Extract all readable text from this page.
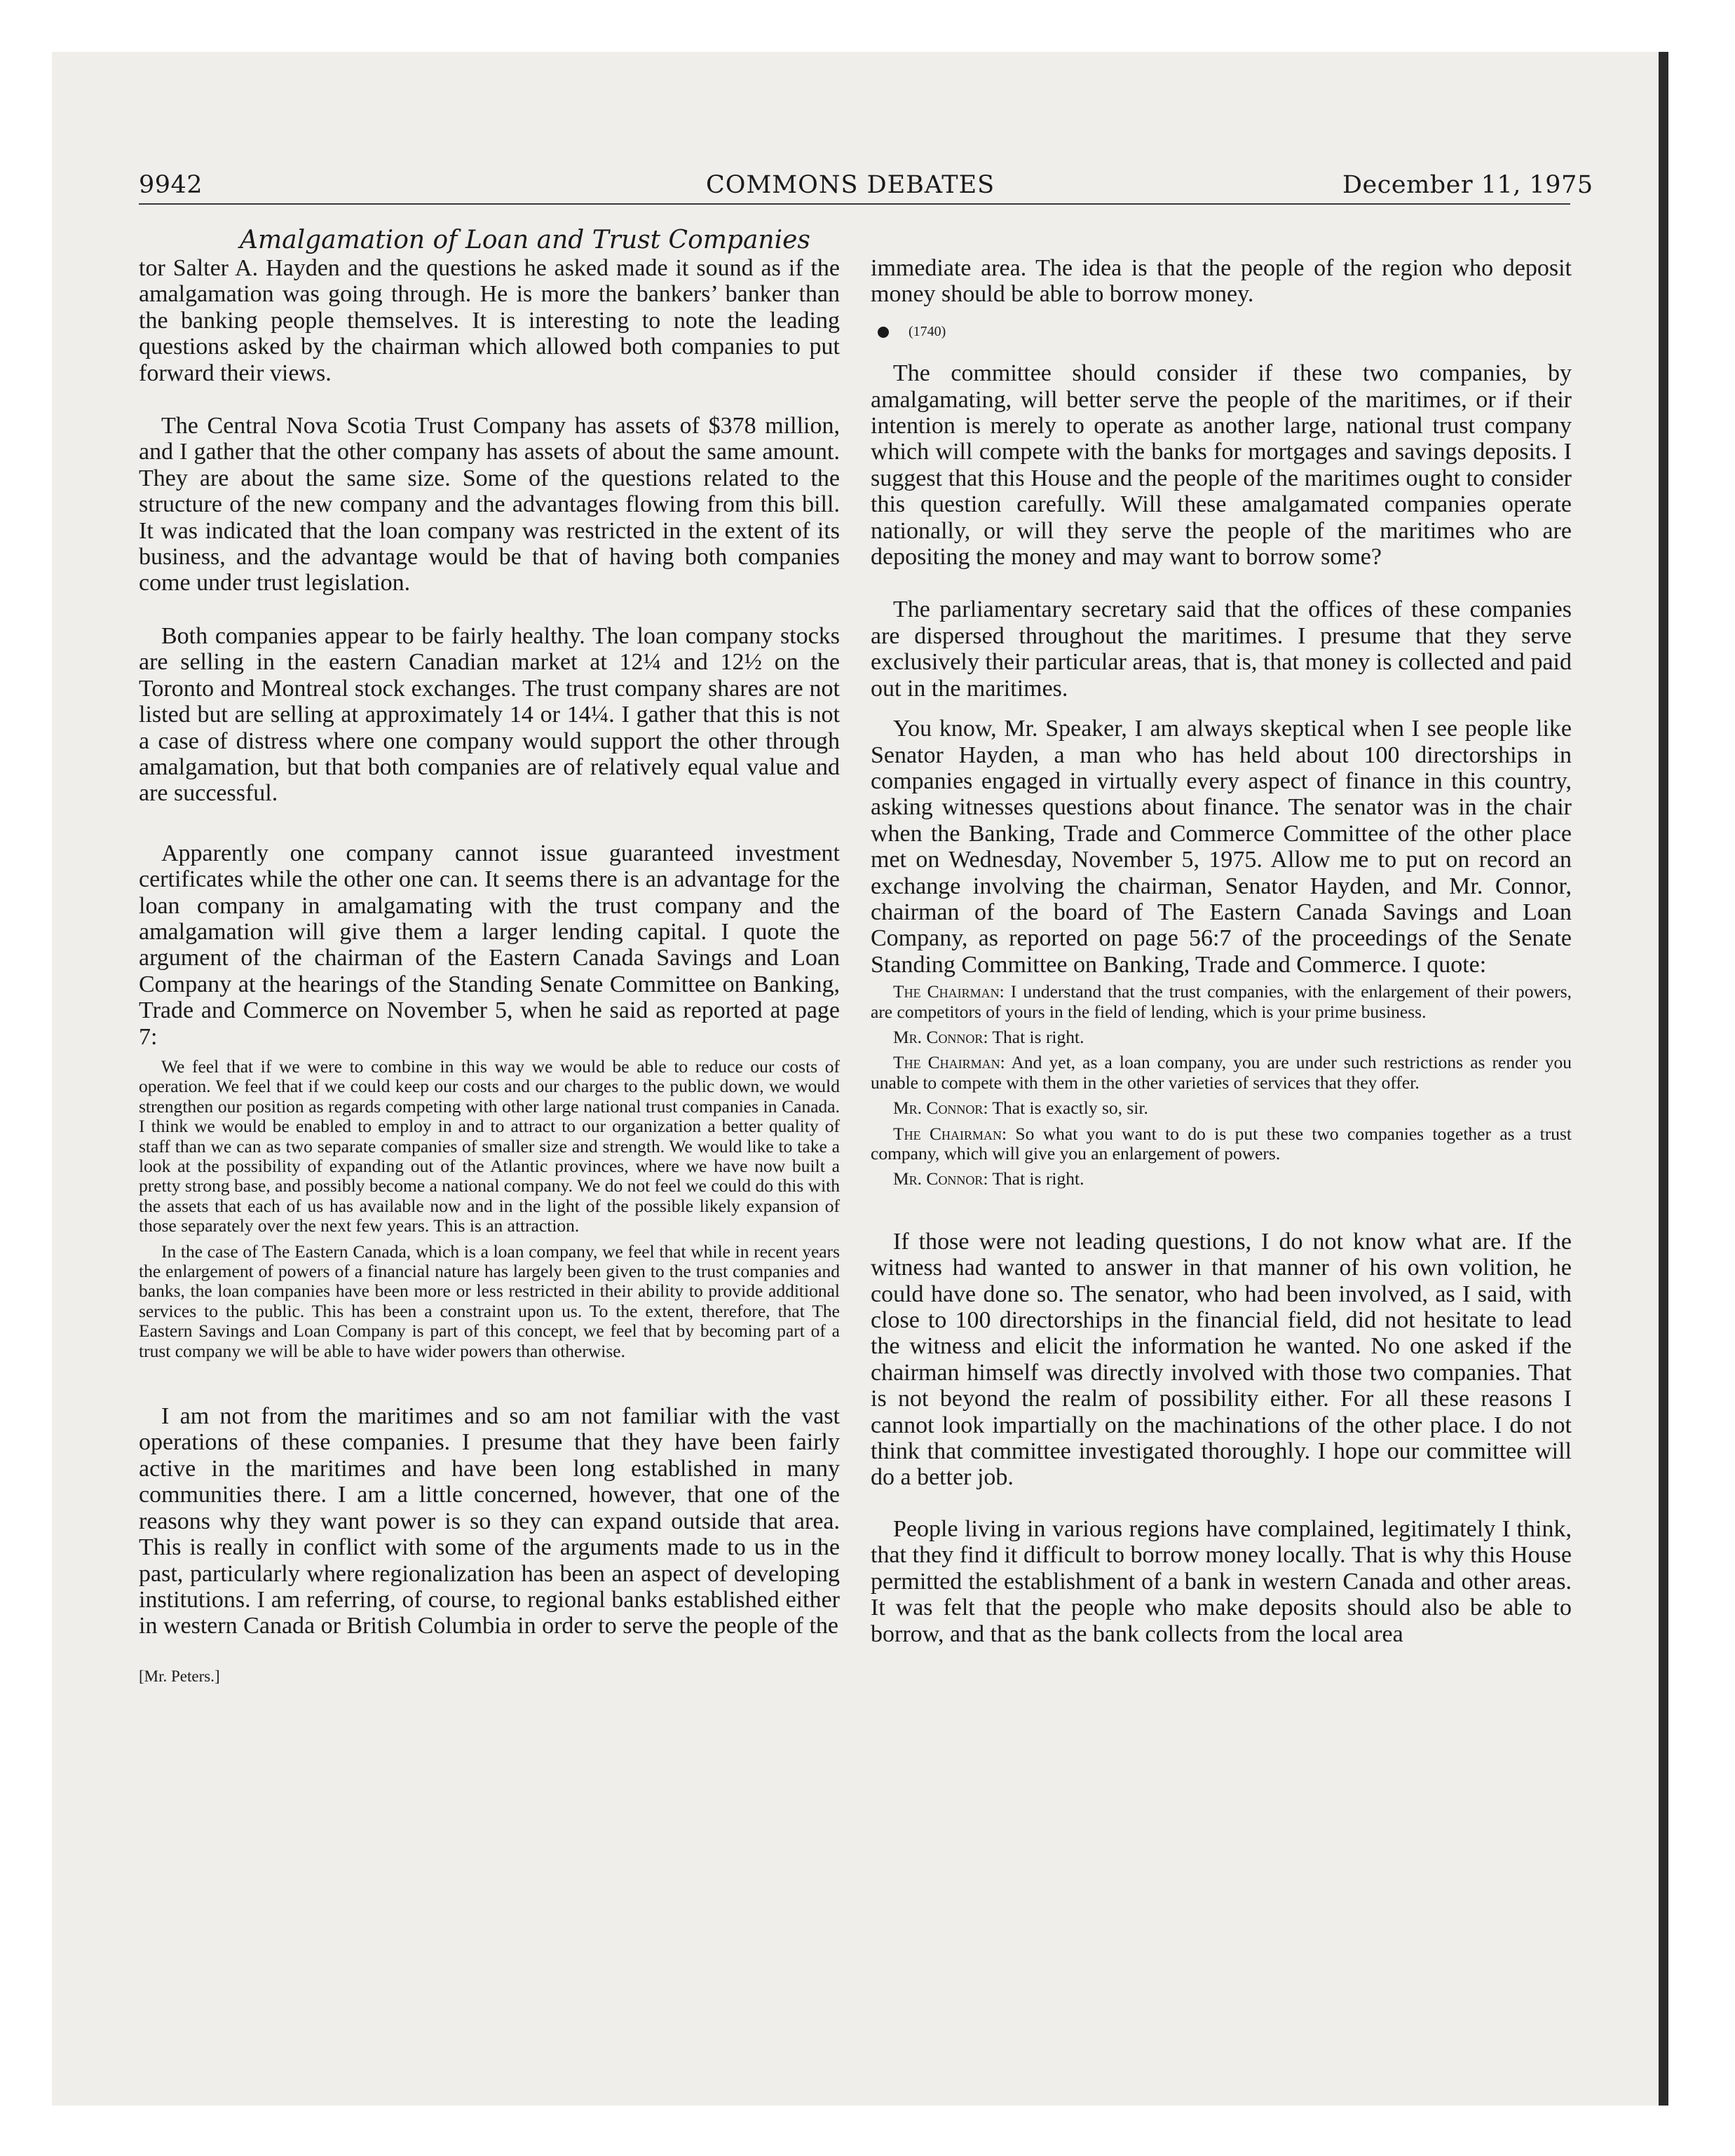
9942	COMMONS DEBATES	December 11, 1975
Amalgamation of Loan and Trust Companies

tor Salter A. Hayden and the questions he asked made it sound as if the amalgamation was going through. He is more the bankers’ banker than the banking people themselves. It is interesting to note the leading questions asked by the chairman which allowed both companies to put forward their views.

The Central Nova Scotia Trust Company has assets of $378 million, and I gather that the other company has assets of about the same amount. They are about the same size. Some of the questions related to the structure of the new company and the advantages flowing from this bill. It was indicated that the loan company was restricted in the extent of its business, and the advantage would be that of having both companies come under trust legislation.

Both companies appear to be fairly healthy. The loan company stocks are selling in the eastern Canadian market at 12¼ and 12½ on the Toronto and Montreal stock exchanges. The trust company shares are not listed but are selling at approximately 14 or 14¼. I gather that this is not a case of distress where one company would support the other through amalgamation, but that both companies are of relatively equal value and are successful.

Apparently one company cannot issue guaranteed investment certificates while the other one can. It seems there is an advantage for the loan company in amalgamating with the trust company and the amalgamation will give them a larger lending capital. I quote the argument of the chairman of the Eastern Canada Savings and Loan Company at the hearings of the Standing Senate Committee on Banking, Trade and Commerce on November 5, when he said as reported at page 7:

We feel that if we were to combine in this way we would be able to reduce our costs of operation. We feel that if we could keep our costs and our charges to the public down, we would strengthen our position as regards competing with other large national trust companies in Canada. I think we would be enabled to employ in and to attract to our organization a better quality of staff than we can as two separate companies of smaller size and strength. We would like to take a look at the possibility of expanding out of the Atlantic provinces, where we have now built a pretty strong base, and possibly become a national company. We do not feel we could do this with the assets that each of us has available now and in the light of the possible likely expansion of those separately over the next few years. This is an attraction.

In the case of The Eastern Canada, which is a loan company, we feel that while in recent years the enlargement of powers of a financial nature has largely been given to the trust companies and banks, the loan companies have been more or less restricted in their ability to provide additional services to the public. This has been a constraint upon us. To the extent, therefore, that The Eastern Savings and Loan Company is part of this concept, we feel that by becoming part of a trust company we will be able to have wider powers than otherwise.

I am not from the maritimes and so am not familiar with the vast operations of these companies. I presume that they have been fairly active in the maritimes and have been long established in many communities there. I am a little concerned, however, that one of the reasons why they want power is so they can expand outside that area. This is really in conflict with some of the arguments made to us in the past, particularly where regionalization has been an aspect of developing institutions. I am referring, of course, to regional banks established either in western Canada or British Columbia in order to serve the people of the

[Mr. Peters.]

immediate area. The idea is that the people of the region who deposit money should be able to borrow money.

(1740)

The committee should consider if these two companies, by amalgamating, will better serve the people of the maritimes, or if their intention is merely to operate as another large, national trust company which will compete with the banks for mortgages and savings deposits. I suggest that this House and the people of the maritimes ought to consider this question carefully. Will these amalgamated companies operate nationally, or will they serve the people of the maritimes who are depositing the money and may want to borrow some?

The parliamentary secretary said that the offices of these companies are dispersed throughout the maritimes. I presume that they serve exclusively their particular areas, that is, that money is collected and paid out in the maritimes.

You know, Mr. Speaker, I am always skeptical when I see people like Senator Hayden, a man who has held about 100 directorships in companies engaged in virtually every aspect of finance in this country, asking witnesses questions about finance. The senator was in the chair when the Banking, Trade and Commerce Committee of the other place met on Wednesday, November 5, 1975. Allow me to put on record an exchange involving the chairman, Senator Hayden, and Mr. Connor, chairman of the board of The Eastern Canada Savings and Loan Company, as reported on page 56:7 of the proceedings of the Senate Standing Committee on Banking, Trade and Commerce. I quote:

The Chairman: I understand that the trust companies, with the enlargement of their powers, are competitors of yours in the field of lending, which is your prime business.

Mr. Connor: That is right.

The Chairman: And yet, as a loan company, you are under such restrictions as render you unable to compete with them in the other varieties of services that they offer.

Mr. Connor: That is exactly so, sir.

The Chairman: So what you want to do is put these two companies together as a trust company, which will give you an enlargement of powers.

Mr. Connor: That is right.

If those were not leading questions, I do not know what are. If the witness had wanted to answer in that manner of his own volition, he could have done so. The senator, who had been involved, as I said, with close to 100 directorships in the financial field, did not hesitate to lead the witness and elicit the information he wanted. No one asked if the chairman himself was directly involved with those two companies. That is not beyond the realm of possibility either. For all these reasons I cannot look impartially on the machinations of the other place. I do not think that committee investigated thoroughly. I hope our committee will do a better job.

People living in various regions have complained, legitimately I think, that they find it difficult to borrow money locally. That is why this House permitted the establishment of a bank in western Canada and other areas. It was felt that the people who make deposits should also be able to borrow, and that as the bank collects from the local area
